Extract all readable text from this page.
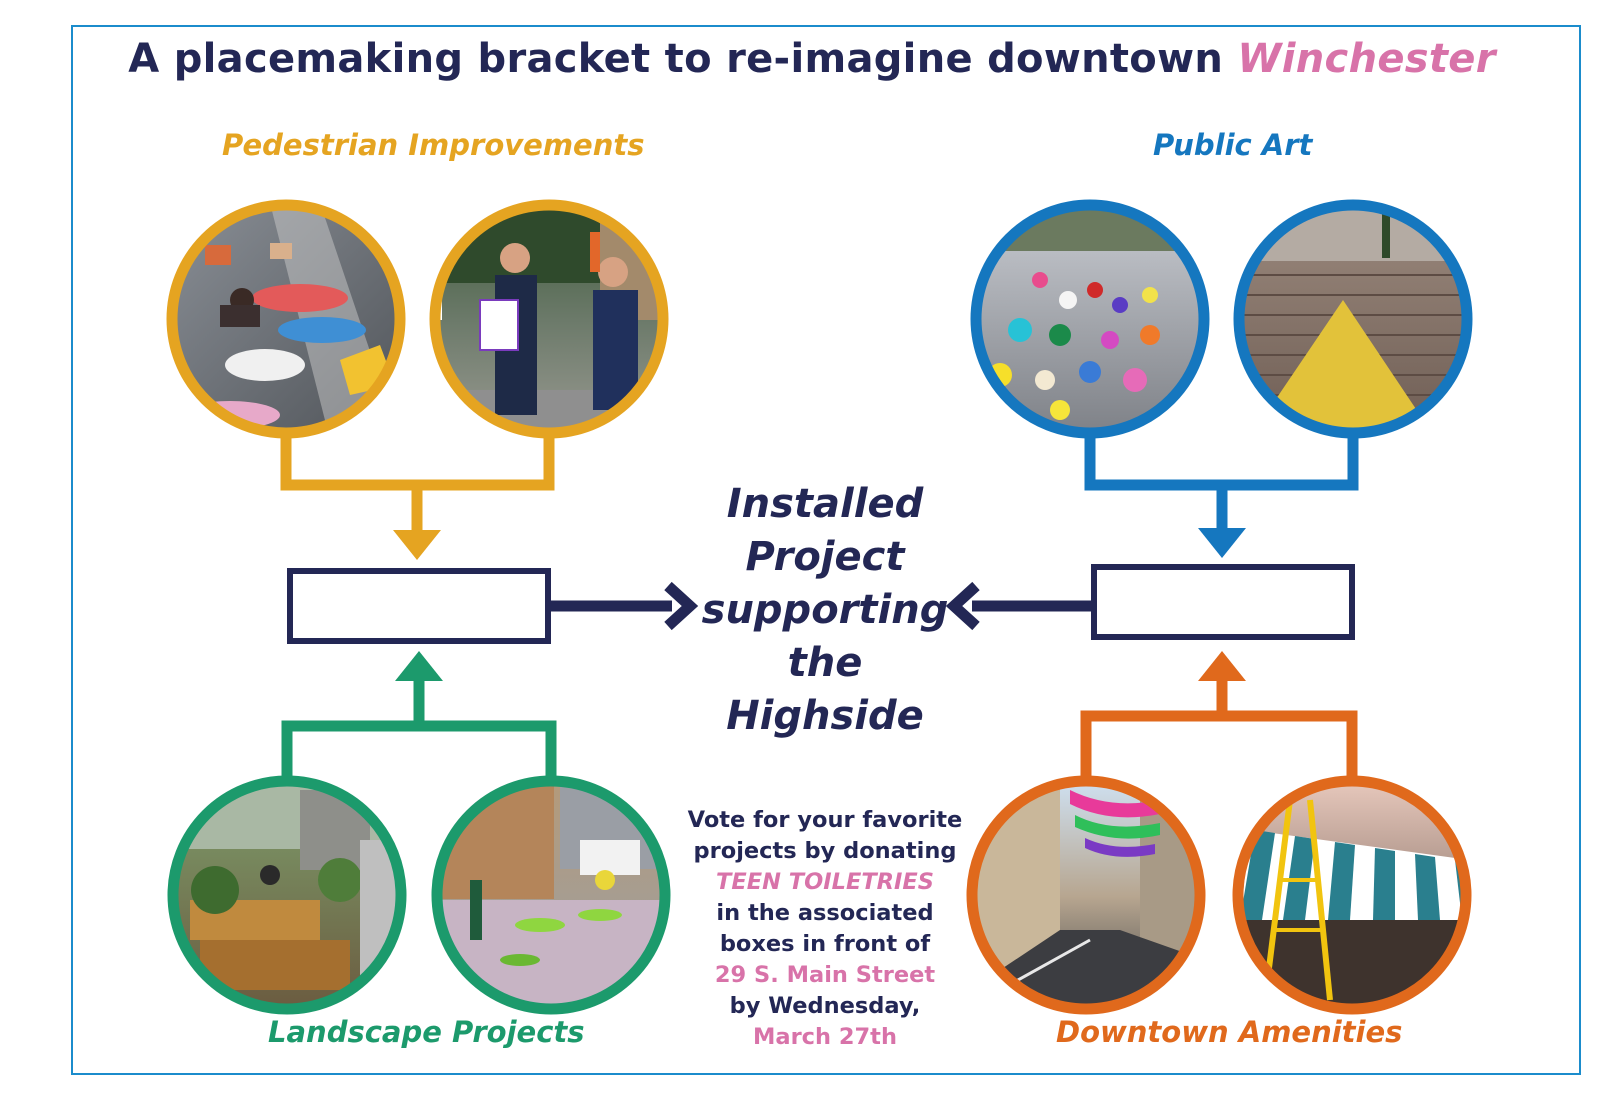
A placemaking bracket to re-imagine downtown Winchester
Pedestrian Improvements	Public Art
Landscape Projects	Downtown Amenities
Installed
Project
supporting
the
Highside
Vote for your favorite
projects by donating
TEEN TOILETRIES
in the associated
boxes in front of
29 S. Main Street
by Wednesday,
March 27th
